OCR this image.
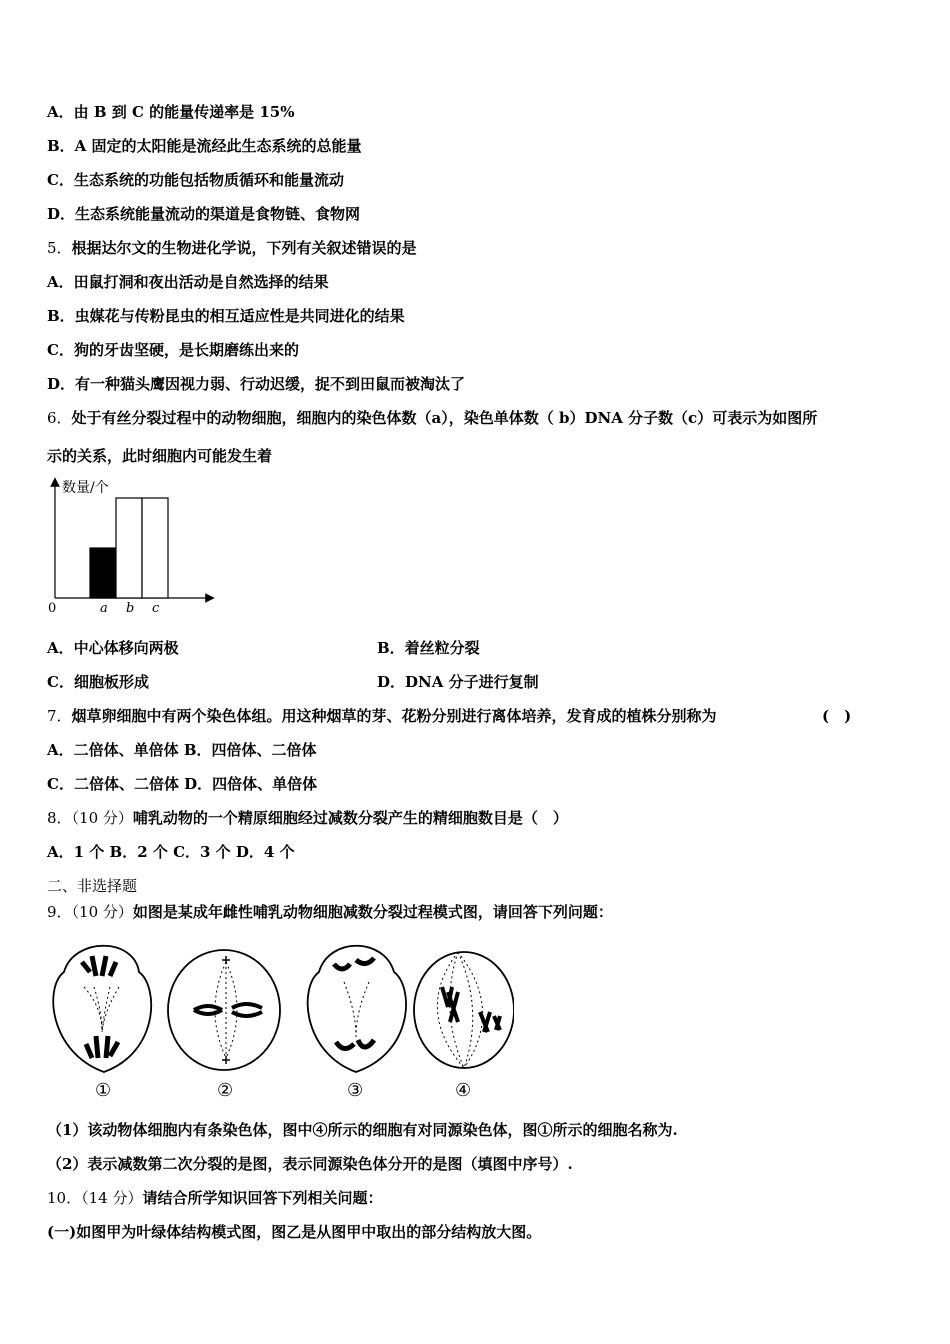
A．由 B 到 C 的能量传递率是 15%
B．A 固定的太阳能是流经此生态系统的总能量
C．生态系统的功能包括物质循环和能量流动
D．生态系统能量流动的渠道是食物链、食物网
5．根据达尔文的生物进化学说，下列有关叙述错误的是
A．田鼠打洞和夜出活动是自然选择的结果
B．虫媒花与传粉昆虫的相互适应性是共同进化的结果
C．狗的牙齿坚硬，是长期磨练出来的
D．有一种猫头鹰因视力弱、行动迟缓，捉不到田鼠而被淘汰了
6．处于有丝分裂过程中的动物细胞，细胞内的染色体数（a），染色单体数（ b）DNA 分子数（c）可表示为如图所
示的关系，此时细胞内可能发生着
数量/个
0	a b c
A．中心体移向两极	B．着丝粒分裂
C．细胞板形成	D．DNA 分子进行复制
7．烟草卵细胞中有两个染色体组。用这种烟草的芽、花粉分别进行离体培养，发育成的植株分别称为	(　)
A．二倍体、单倍体 B．四倍体、二倍体
C．二倍体、二倍体 D．四倍体、单倍体
8．（10 分）哺乳动物的一个精原细胞经过减数分裂产生的精细胞数目是（　）
A．1 个 B．2 个 C．3 个 D．4 个
二、非选择题
9．（10 分）如图是某成年雌性哺乳动物细胞减数分裂过程模式图，请回答下列问题：
①	②	③	④
（1）该动物体细胞内有条染色体，图中④所示的细胞有对同源染色体，图①所示的细胞名称为.
（2）表示减数第二次分裂的是图，表示同源染色体分开的是图（填图中序号）.
10．（14 分）请结合所学知识回答下列相关问题：
(一)如图甲为叶绿体结构模式图，图乙是从图甲中取出的部分结构放大图。
